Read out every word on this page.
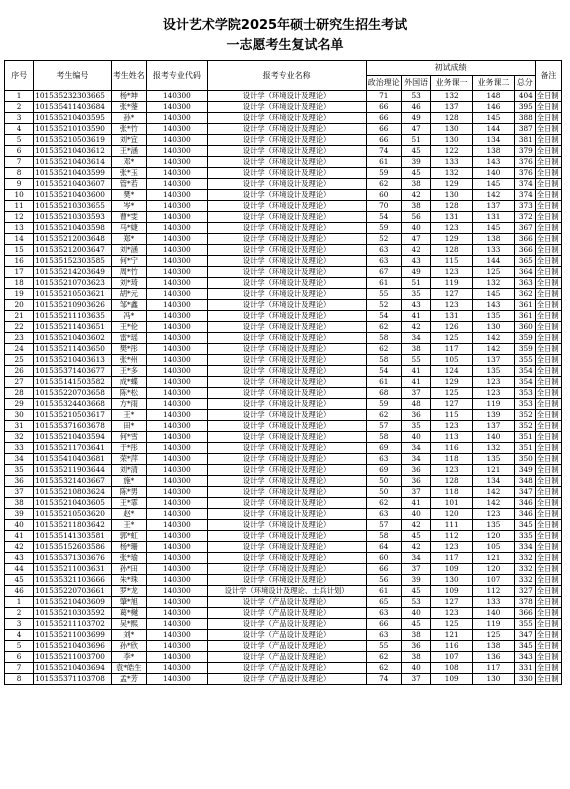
设计艺术学院2025年硕士研究生招生考试
一志愿考生复试名单
序号	考生编号	考生姓名	报考专业代码	报考专业名称	初试成绩					备注
					政治理论	外国语	业务课一	业务课二	总分	
1	101535232303665	杨*坤	140300	设计学（环境设计及理论）	71	53	132	148	404	全日制
2	101535411403684	张*蓥	140300	设计学（环境设计及理论）	66	46	137	146	395	全日制
3	101535210403595	孙*	140300	设计学（环境设计及理论）	66	49	128	145	388	全日制
4	101535210103590	张*竹	140300	设计学（环境设计及理论）	66	47	130	144	387	全日制
5	101535210503619	刘*宜	140300	设计学（环境设计及理论）	66	51	130	134	381	全日制
6	101535210403612	王*涵	140300	设计学（环境设计及理论）	74	45	122	138	379	全日制
7	101535210403614	邓*	140300	设计学（环境设计及理论）	61	39	133	143	376	全日制
8	101535210403599	张*玉	140300	设计学（环境设计及理论）	59	45	132	140	376	全日制
9	101535210403607	管*若	140300	设计学（环境设计及理论）	62	38	129	145	374	全日制
10	101535210403600	樊*	140300	设计学（环境设计及理论）	60	42	130	142	374	全日制
11	101535210303655	岑*	140300	设计学（环境设计及理论）	70	38	128	137	373	全日制
12	101535210303593	曹*雯	140300	设计学（环境设计及理论）	54	56	131	131	372	全日制
13	101535210403598	马*婕	140300	设计学（环境设计及理论）	59	40	123	145	367	全日制
14	101535212003648	郑*	140300	设计学（环境设计及理论）	52	47	129	138	366	全日制
15	101535212003647	刘*涵	140300	设计学（环境设计及理论）	63	42	128	133	366	全日制
16	101535152303585	何*宁	140300	设计学（环境设计及理论）	63	43	115	144	365	全日制
17	101535214203649	周*竹	140300	设计学（环境设计及理论）	67	49	123	125	364	全日制
18	101535210703623	刘*琦	140300	设计学（环境设计及理论）	61	51	119	132	363	全日制
19	101535210503621	胡*元	140300	设计学（环境设计及理论）	55	35	127	145	362	全日制
20	101535210903626	邹*鑫	140300	设计学（环境设计及理论）	52	43	123	143	361	全日制
21	101535211103635	冯*	140300	设计学（环境设计及理论）	54	41	131	135	361	全日制
22	101535211403651	王*伦	140300	设计学（环境设计及理论）	62	42	126	130	360	全日制
23	101535210403602	雷*瑶	140300	设计学（环境设计及理论）	58	34	125	142	359	全日制
24	101535211403650	樊*彤	140300	设计学（环境设计及理论）	62	38	117	142	359	全日制
25	101535210403613	张*州	140300	设计学（环境设计及理论）	58	55	105	137	355	全日制
26	101535371403677	王*多	140300	设计学（环境设计及理论）	54	41	124	135	354	全日制
27	101535141503582	成*蝶	140300	设计学（环境设计及理论）	61	41	129	123	354	全日制
28	101535220703658	陈*松	140300	设计学（环境设计及理论）	68	37	125	123	353	全日制
29	101535324403668	方*雨	140300	设计学（环境设计及理论）	59	48	127	119	353	全日制
30	101535210503617	王*	140300	设计学（环境设计及理论）	62	36	115	139	352	全日制
31	101535371603678	田*	140300	设计学（环境设计及理论）	57	35	123	137	352	全日制
32	101535210403594	何*雪	140300	设计学（环境设计及理论）	58	40	113	140	351	全日制
33	101535211703641	于*彤	140300	设计学（环境设计及理论）	69	34	116	132	351	全日制
34	101535410403681	荣*萍	140300	设计学（环境设计及理论）	63	34	118	135	350	全日制
35	101535211903644	刘*清	140300	设计学（环境设计及理论）	69	36	123	121	349	全日制
36	101535321403667	施*	140300	设计学（环境设计及理论）	50	36	128	134	348	全日制
37	101535210803624	陈*男	140300	设计学（环境设计及理论）	50	37	118	142	347	全日制
38	101535210403605	王*霏	140300	设计学（环境设计及理论）	62	41	101	142	346	全日制
39	101535210503620	赵*	140300	设计学（环境设计及理论）	63	40	120	123	346	全日制
40	101535211803642	王*	140300	设计学（环境设计及理论）	57	42	111	135	345	全日制
41	101535141303581	郭*虹	140300	设计学（环境设计及理论）	58	45	112	120	335	全日制
42	101535152603586	杨*珊	140300	设计学（环境设计及理论）	64	42	123	105	334	全日制
43	101535371303676	张*瑜	140300	设计学（环境设计及理论）	60	34	117	121	332	全日制
44	101535211003631	孙*田	140300	设计学（环境设计及理论）	66	37	109	120	332	全日制
45	101535321103666	朱*珠	140300	设计学（环境设计及理论）	56	39	130	107	332	全日制
46	101535220703661	罗*龙	140300	设计学（环境设计及理论、士兵计划）	61	45	109	112	327	全日制
1	101535210403609	肇*旭	140300	设计学（产品设计及理论）	65	53	127	133	378	全日制
2	101535210303592	葛*樾	140300	设计学（产品设计及理论）	63	40	123	140	366	全日制
3	101535211103702	吴*熙	140300	设计学（产品设计及理论）	66	45	125	119	355	全日制
4	101535211003699	刘*	140300	设计学（产品设计及理论）	63	38	121	125	347	全日制
5	101535210403696	孙*欣	140300	设计学（产品设计及理论）	55	36	116	138	345	全日制
6	101535211003700	李*	140300	设计学（产品设计及理论）	62	38	107	136	343	全日制
7	101535210403694	袁*皓生	140300	设计学（产品设计及理论）	62	40	108	117	331	全日制
8	101535371103708	孟*芳	140300	设计学（产品设计及理论）	74	37	109	130	330	全日制
